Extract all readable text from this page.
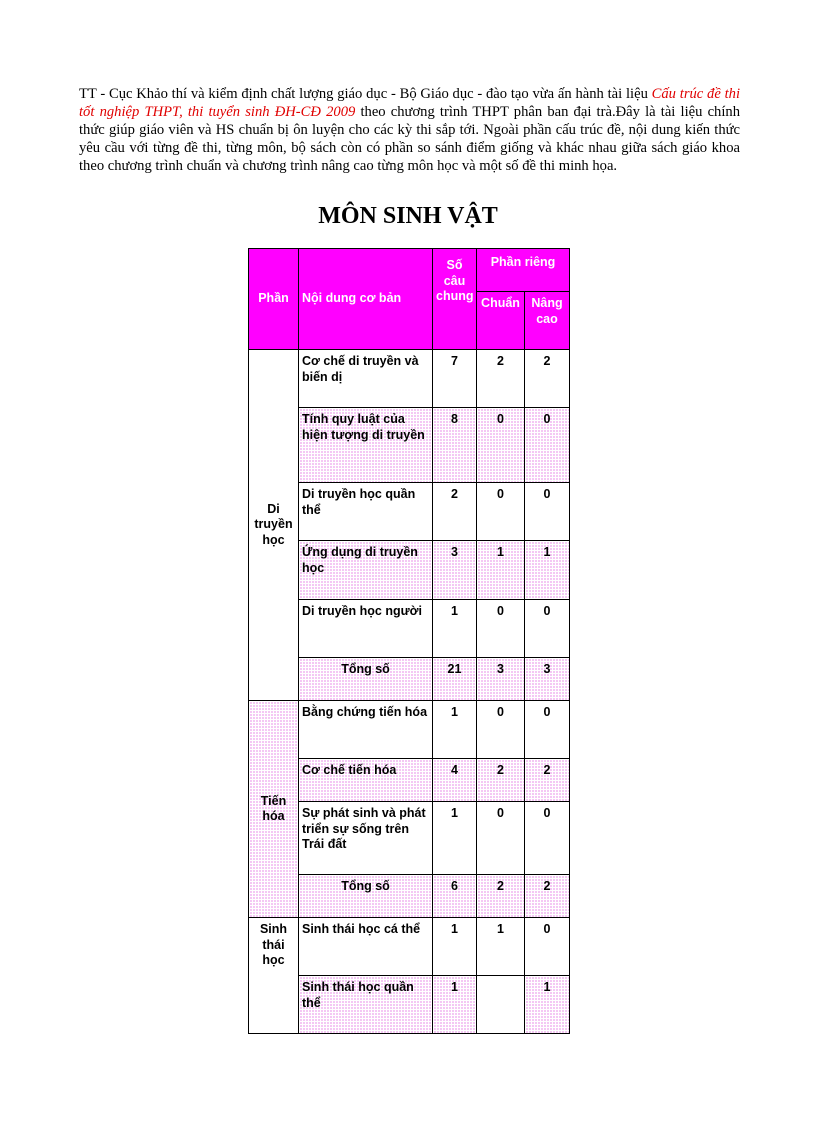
TT - Cục Khảo thí và kiểm định chất lượng giáo dục - Bộ Giáo dục - đào tạo vừa ấn hành tài liệu Cấu trúc đề thi tốt nghiệp THPT, thi tuyển sinh ĐH-CĐ 2009 theo chương trình THPT phân ban đại trà.Đây là tài liệu chính thức giúp giáo viên và HS chuẩn bị ôn luyện cho các kỳ thi sắp tới. Ngoài phần cấu trúc đề, nội dung kiến thức yêu cầu với từng đề thi, từng môn, bộ sách còn có phần so sánh điểm giống và khác nhau giữa sách giáo khoa theo chương trình chuẩn và chương trình nâng cao từng môn học và một số đề thi minh họa.

MÔN SINH VẬT
Phần	Nội dung cơ bản	Số câu chung	Phần riêng	
			Chuẩn	Nâng cao
Di truyền học	Cơ chế di truyền và biến dị	7	2	2
	Tính quy luật của hiện tượng di truyền	8	0	0
	Di truyền học quần thể	2	0	0
	Ứng dụng di truyền học	3	1	1
	Di truyền học người	1	0	0
	Tổng số	21	3	3
Tiến hóa	Bằng chứng tiến hóa	1	0	0
	Cơ chế tiến hóa	4	2	2
	Sự phát sinh và phát triển sự sống trên Trái đất	1	0	0
	Tổng số	6	2	2
Sinh thái học	Sinh thái học cá thể	1	1	0
	Sinh thái học quần thể	1		1
